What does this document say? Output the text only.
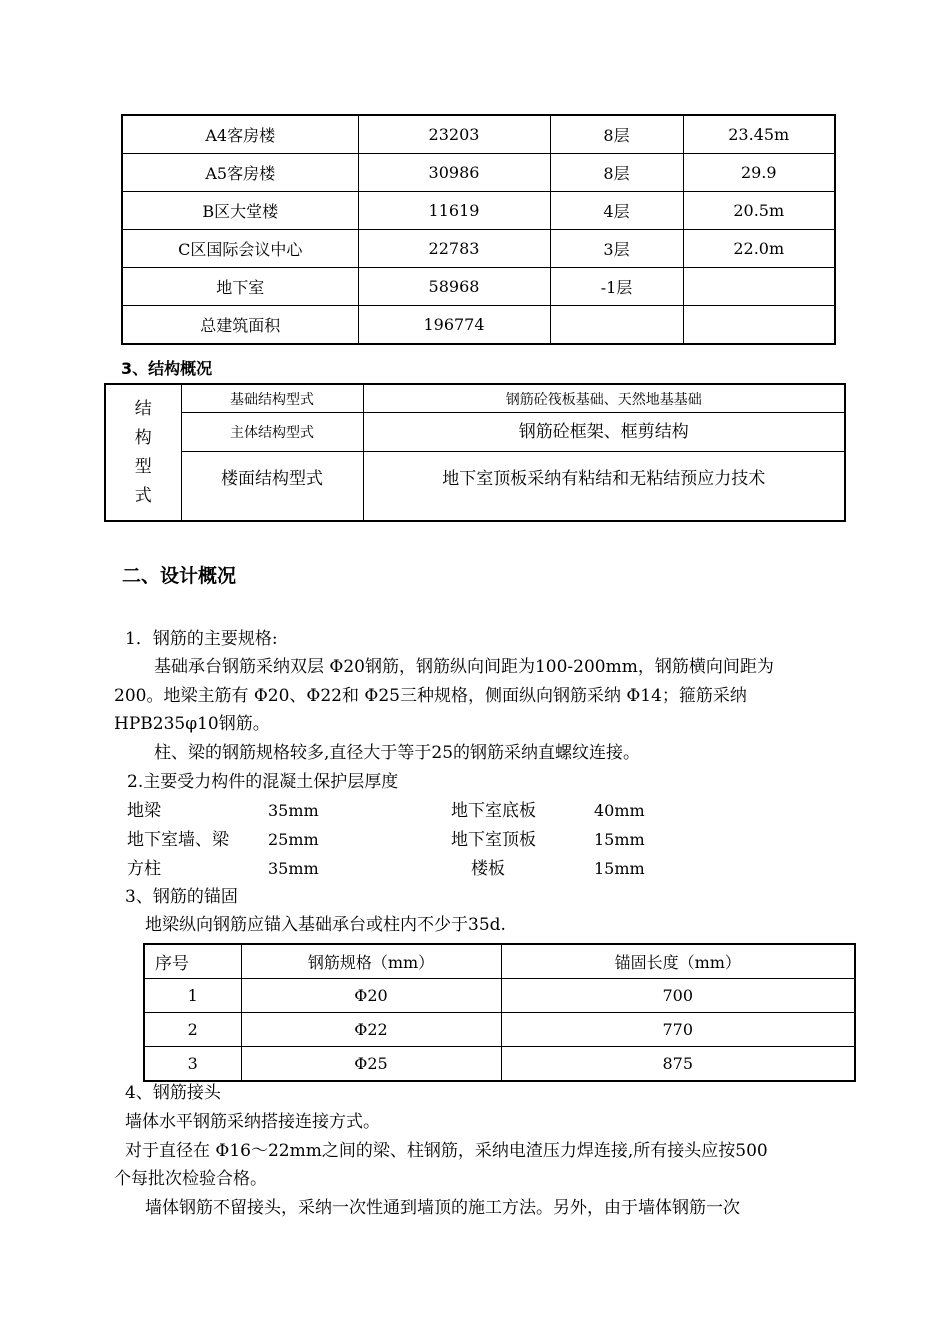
A4客房楼	23203	8层	23.45m
A5客房楼	30986	8层	29.9
B区大堂楼	11619	4层	20.5m
C区国际会议中心	22783	3层	22.0m
地下室	58968	-1层	
总建筑面积	196774		
3、结构概况
结
构
型
式	基础结构型式	钢筋砼筏板基础、天然地基基础
	主体结构型式	钢筋砼框架、框剪结构
	楼面结构型式	地下室顶板采纳有粘结和无粘结预应力技术
二、设计概况
1．钢筋的主要规格:
基础承台钢筋采纳双层 Φ20钢筋，钢筋纵向间距为100-200mm，钢筋横向间距为
200。地梁主筋有 Φ20、Φ22和 Φ25三种规格，侧面纵向钢筋采纳 Φ14；箍筋采纳
HPB235φ10钢筋。
柱、梁的钢筋规格较多,直径大于等于25的钢筋采纳直螺纹连接。
2.主要受力构件的混凝土保护层厚度
地梁	35mm	地下室底板	40mm
地下室墙、梁 25mm	地下室顶板	15mm
方柱	35mm	楼板	15mm
3、钢筋的锚固
地梁纵向钢筋应锚入基础承台或柱内不少于35d.
序号	钢筋规格（mm）	锚固长度（mm）
1	Φ20	700
2	Φ22	770
3	Φ25	875
4、钢筋接头
墙体水平钢筋采纳搭接连接方式。
对于直径在 Φ16～22mm之间的梁、柱钢筋，采纳电渣压力焊连接,所有接头应按500
个每批次检验合格。
墙体钢筋不留接头，采纳一次性通到墙顶的施工方法。另外，由于墙体钢筋一次
